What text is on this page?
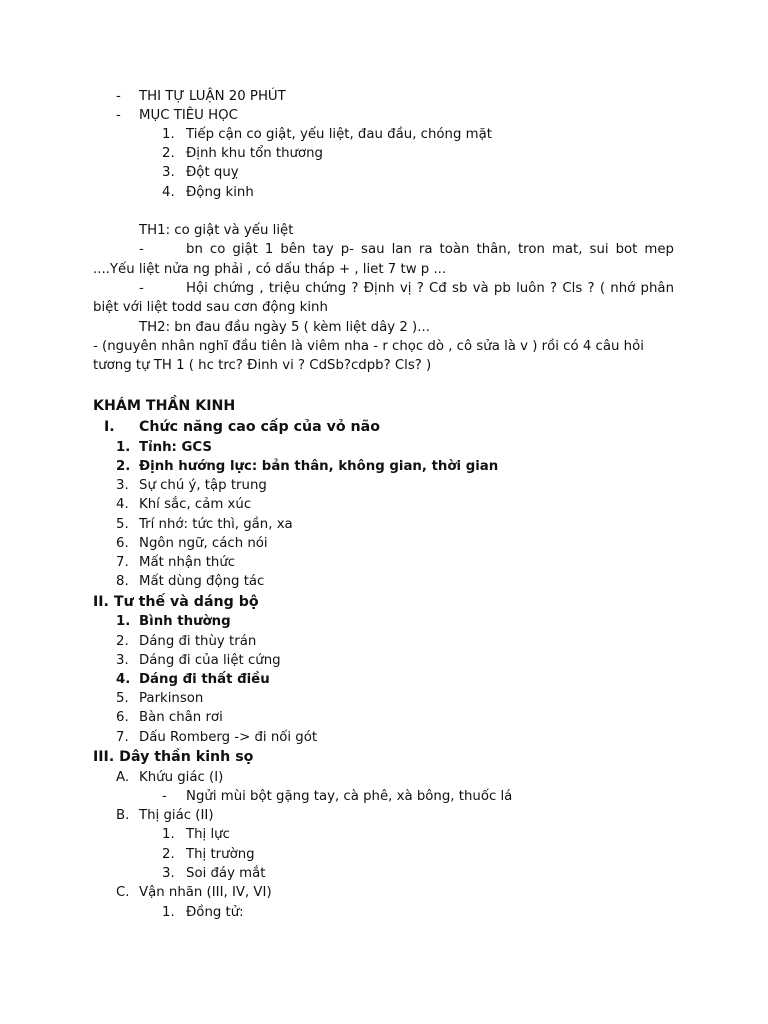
- THI TỰ LUẬN 20 PHÚT
- MỤC TIÊU HỌC
1. Tiếp cận co giật, yếu liệt, đau đầu, chóng mặt
2. Định khu tổn thương
3. Đột quỵ
4. Động kinh
TH1: co giật và yếu liệt
-	bn co giật 1 bên tay p- sau lan ra toàn thân, tron mat, sui bot mep
....Yếu liệt nửa ng phải , có dấu tháp + , liet 7 tw p ...
-	Hội chứng , triệu chứng ? Định vị ? Cđ sb và pb luôn ? Cls ? ( nhớ phân
biệt với liệt todd sau cơn động kinh
TH2: bn đau đầu ngày 5 ( kèm liệt dây 2 )...
- (nguyên nhân nghĩ đầu tiên là viêm nha - r chọc dò , cô sửa là v ) rồi có 4 câu hỏi
tương tự TH 1 ( hc trc? Đinh vi ? CdSb?cdpb? Cls? )
KHÁM THẦN KINH
I. Chức năng cao cấp của vỏ não
1. Tỉnh: GCS
2. Định hướng lực: bản thân, không gian, thời gian
3. Sự chú ý, tập trung
4. Khí sắc, cảm xúc
5. Trí nhớ: tức thì, gần, xa
6. Ngôn ngữ, cách nói
7. Mất nhận thức
8. Mất dùng động tác
II. Tư thế và dáng bộ
1. Bình thường
2. Dáng đi thùy trán
3. Dáng đi của liệt cứng
4. Dáng đi thất điều
5. Parkinson
6. Bàn chân rơi
7. Dấu Romberg -> đi nối gót
III. Dây thần kinh sọ
A. Khứu giác (I)
- Ngửi mùi bột gặng tay, cà phê, xà bông, thuốc lá
B. Thị giác (II)
1. Thị lực
2. Thị trường
3. Soi đáy mắt
C. Vận nhãn (III, IV, VI)
1. Đồng tử:
